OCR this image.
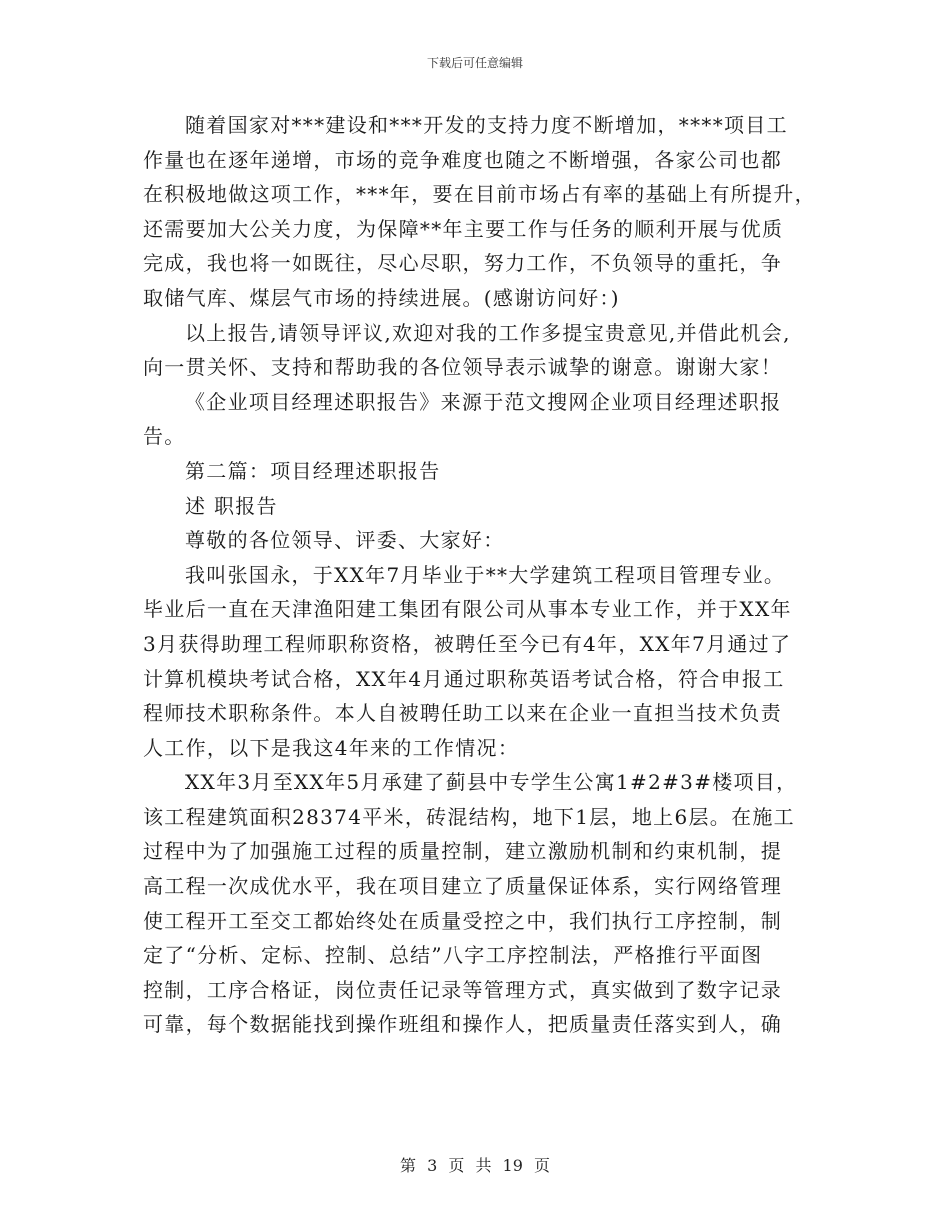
下载后可任意编辑
随着国家对***建设和***开发的支持力度不断增加，****项目工
作量也在逐年递增，市场的竞争难度也随之不断增强，各家公司也都
在积极地做这项工作，***年，要在目前市场占有率的基础上有所提升，
还需要加大公关力度，为保障**年主要工作与任务的顺利开展与优质
完成，我也将一如既往，尽心尽职，努力工作，不负领导的重托，争
取储气库、煤层气市场的持续进展。(感谢访问好：)
以上报告,请领导评议,欢迎对我的工作多提宝贵意见,并借此机会,
向一贯关怀、支持和帮助我的各位领导表示诚挚的谢意。谢谢大家！
《企业项目经理述职报告》来源于范文搜网企业项目经理述职报
告。
第二篇：项目经理述职报告
述 职报告
尊敬的各位领导、评委、大家好：
我叫张国永，于XX年7月毕业于**大学建筑工程项目管理专业。
毕业后一直在天津渔阳建工集团有限公司从事本专业工作，并于XX年
3月获得助理工程师职称资格，被聘任至今已有4年，XX年7月通过了
计算机模块考试合格，XX年4月通过职称英语考试合格，符合申报工
程师技术职称条件。本人自被聘任助工以来在企业一直担当技术负责
人工作，以下是我这4年来的工作情况：
XX年3月至XX年5月承建了蓟县中专学生公寓1#2#3#楼项目，
该工程建筑面积28374平米，砖混结构，地下1层，地上6层。在施工
过程中为了加强施工过程的质量控制，建立激励机制和约束机制，提
高工程一次成优水平，我在项目建立了质量保证体系，实行网络管理
使工程开工至交工都始终处在质量受控之中，我们执行工序控制，制
定了“分析、定标、控制、总结”八字工序控制法，严格推行平面图
控制，工序合格证，岗位责任记录等管理方式，真实做到了数字记录
可靠，每个数据能找到操作班组和操作人，把质量责任落实到人，确
第 3 页 共 19 页
